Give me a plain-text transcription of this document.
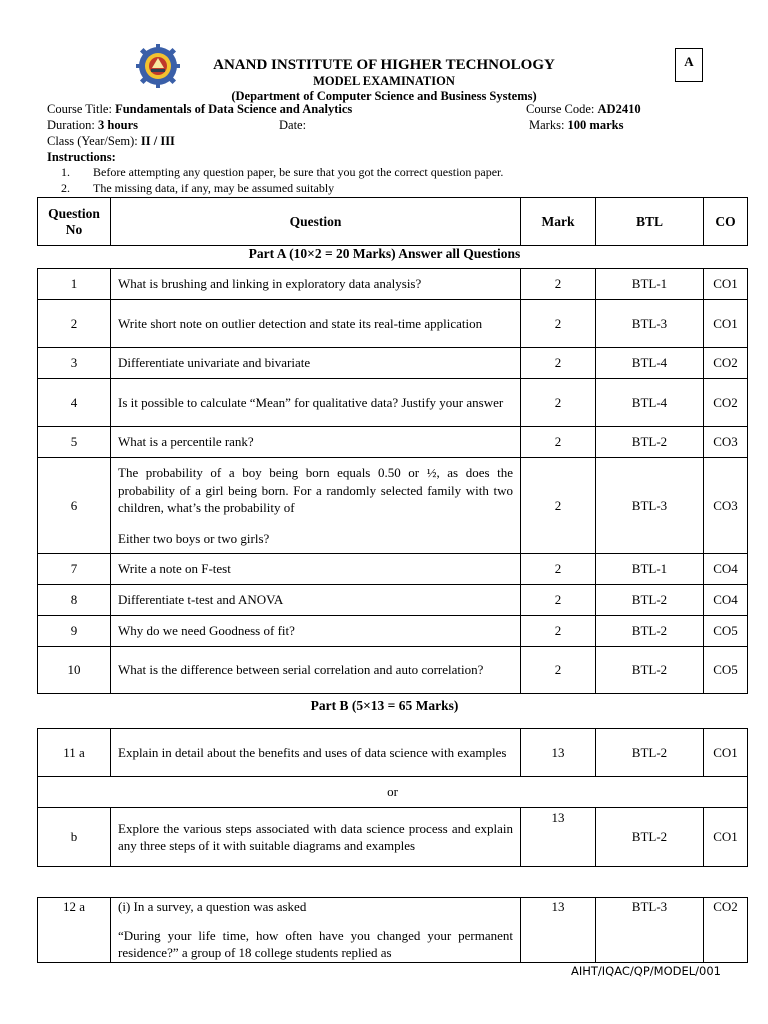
ANAND INSTITUTE OF HIGHER TECHNOLOGY
MODEL EXAMINATION
(Department of Computer Science and Business Systems)
A
Course Title: Fundamentals of Data Science and Analytics	Course Code: AD2410
Duration: 3 hours	Date:	Marks: 100 marks
Class (Year/Sem): II / III
Instructions:
1. Before attempting any question paper, be sure that you got the correct question paper.
2. The missing data, if any, may be assumed suitably
Question
No	Question	Mark	BTL	CO
Part A (10×2 = 20 Marks) Answer all Questions
1	What is brushing and linking in exploratory data analysis?	2	BTL-1	CO1
2	Write short note on outlier detection and state its real-time application	2	BTL-3	CO1
3	Differentiate univariate and bivariate	2	BTL-4	CO2
4	Is it possible to calculate “Mean” for qualitative data? Justify your answer	2	BTL-4	CO2
5	What is a percentile rank?	2	BTL-2	CO3
6	The probability of a boy being born equals 0.50 or ½, as does the probability of a girl being born. For a randomly selected family with two children, what’s the probability of

Either two boys or two girls?	2	BTL-3	CO3
7	Write a note on F-test	2	BTL-1	CO4
8	Differentiate t-test and ANOVA	2	BTL-2	CO4
9	Why do we need Goodness of fit?	2	BTL-2	CO5
10	What is the difference between serial correlation and auto correlation?	2	BTL-2	CO5
Part B (5×13 = 65 Marks)
11 a	Explain in detail about the benefits and uses of data science with examples	13	BTL-2	CO1
or				
b	Explore the various steps associated with data science process and explain any three steps of it with suitable diagrams and examples	13	BTL-2	CO1
12 a	(i) In a survey, a question was asked

“During your life time, how often have you changed your permanent residence?” a group of 18 college students replied as

	13	BTL-3	CO2
AIHT/IQAC/QP/MODEL/001
